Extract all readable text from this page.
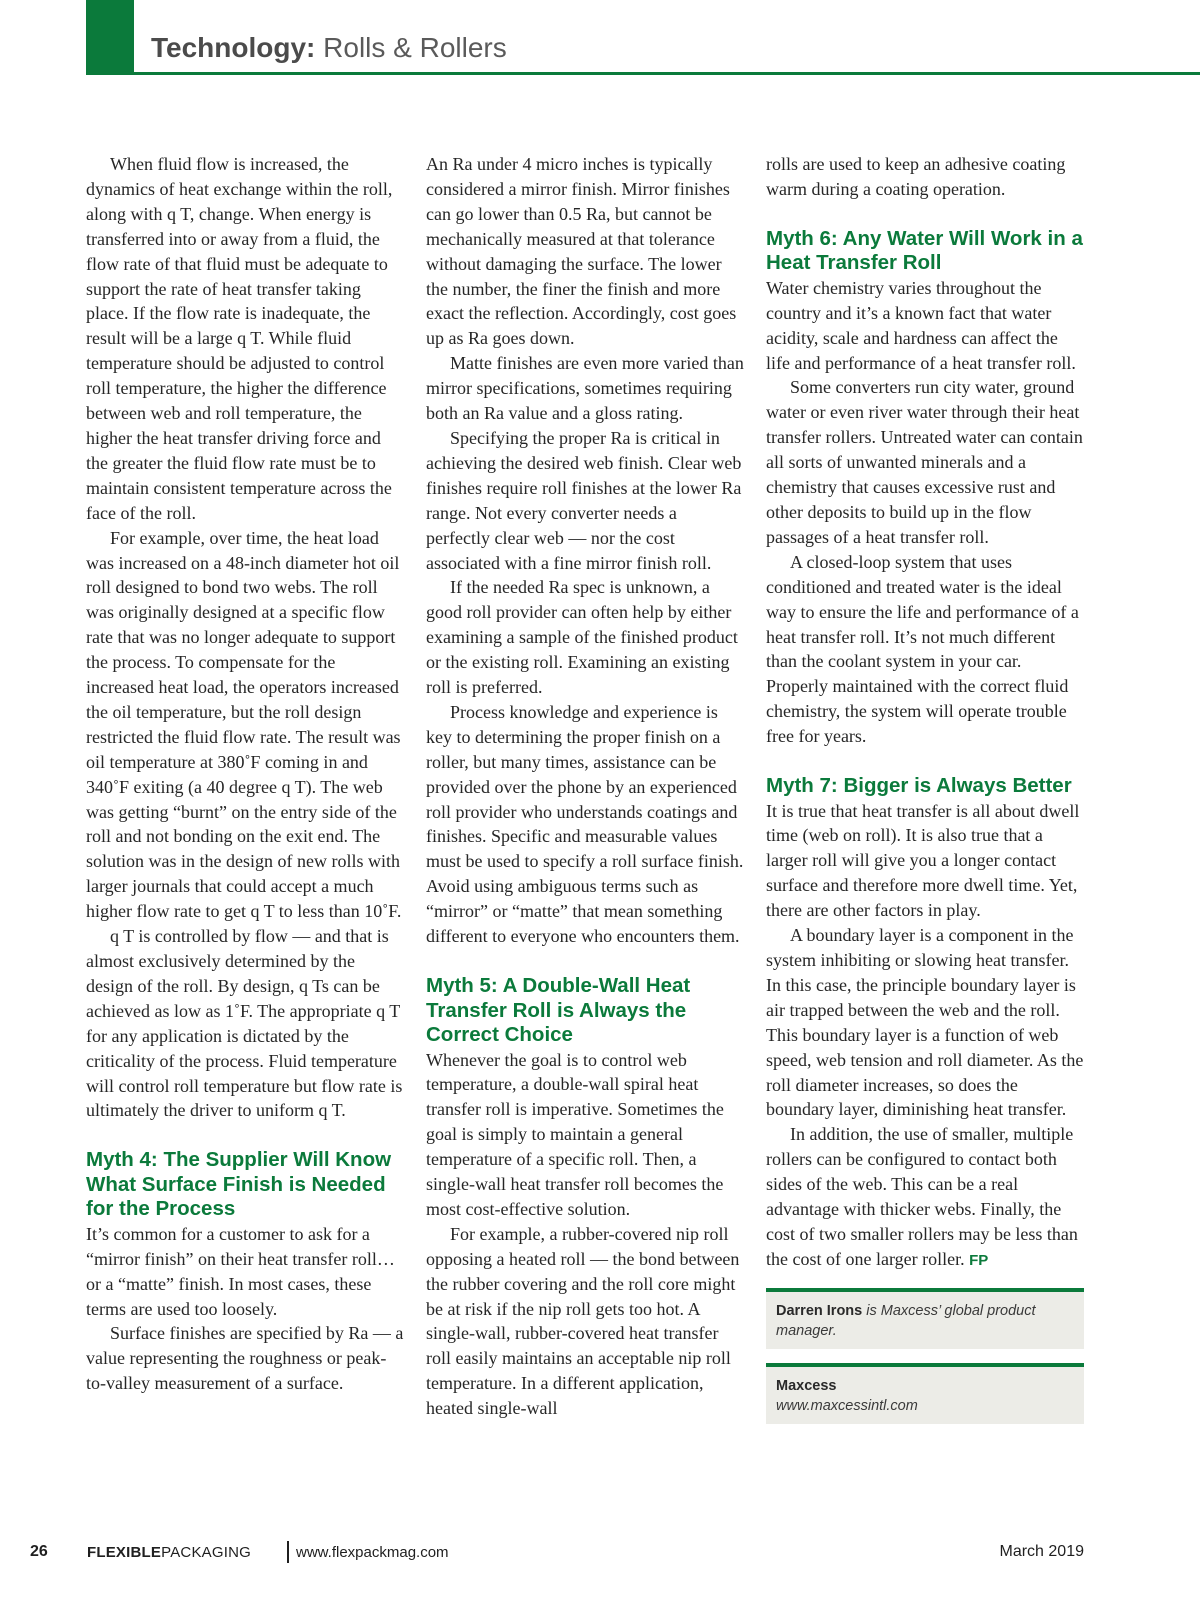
Technology: Rolls & Rollers

When fluid flow is increased, the dynamics of heat exchange within the roll, along with q T, change. When energy is transferred into or away from a fluid, the flow rate of that fluid must be adequate to support the rate of heat transfer taking place. If the flow rate is inadequate, the result will be a large q T. While fluid temperature should be adjusted to control roll temperature, the higher the difference between web and roll temperature, the higher the heat transfer driving force and the greater the fluid flow rate must be to maintain consistent temperature across the face of the roll.

For example, over time, the heat load was increased on a 48-inch diameter hot oil roll designed to bond two webs. The roll was originally designed at a specific flow rate that was no longer adequate to support the process. To compensate for the increased heat load, the operators increased the oil temperature, but the roll design restricted the fluid flow rate. The result was oil temperature at 380˚F coming in and 340˚F exiting (a 40 degree q T). The web was getting “burnt” on the entry side of the roll and not bonding on the exit end. The solution was in the design of new rolls with larger journals that could accept a much higher flow rate to get q T to less than 10˚F.

q T is controlled by flow — and that is almost exclusively determined by the design of the roll. By design, q Ts can be achieved as low as 1˚F. The appropriate q T for any application is dictated by the criticality of the process. Fluid temperature will control roll temperature but flow rate is ultimately the driver to uniform q T.

Myth 4: The Supplier Will Know What Surface Finish is Needed for the Process

It’s common for a customer to ask for a “mirror finish” on their heat transfer roll… or a “matte” finish. In most cases, these terms are used too loosely.

Surface finishes are specified by Ra — a value representing the roughness or peak-to-valley measurement of a surface.

An Ra under 4 micro inches is typically considered a mirror finish. Mirror finishes can go lower than 0.5 Ra, but cannot be mechanically measured at that tolerance without damaging the surface. The lower the number, the finer the finish and more exact the reflection. Accordingly, cost goes up as Ra goes down.

Matte finishes are even more varied than mirror specifications, sometimes requiring both an Ra value and a gloss rating.

Specifying the proper Ra is critical in achieving the desired web finish. Clear web finishes require roll finishes at the lower Ra range. Not every converter needs a perfectly clear web — nor the cost associated with a fine mirror finish roll.

If the needed Ra spec is unknown, a good roll provider can often help by either examining a sample of the finished product or the existing roll. Examining an existing roll is preferred.

Process knowledge and experience is key to determining the proper finish on a roller, but many times, assistance can be provided over the phone by an experienced roll provider who understands coatings and finishes. Specific and measurable values must be used to specify a roll surface finish. Avoid using ambiguous terms such as “mirror” or “matte” that mean something different to everyone who encounters them.

Myth 5: A Double-Wall Heat Transfer Roll is Always the Correct Choice

Whenever the goal is to control web temperature, a double-wall spiral heat transfer roll is imperative. Sometimes the goal is simply to maintain a general temperature of a specific roll. Then, a single-wall heat transfer roll becomes the most cost-effective solution.

For example, a rubber-covered nip roll opposing a heated roll — the bond between the rubber covering and the roll core might be at risk if the nip roll gets too hot. A single-wall, rubber-covered heat transfer roll easily maintains an acceptable nip roll temperature. In a different application, heated single-wall

rolls are used to keep an adhesive coating warm during a coating operation.

Myth 6: Any Water Will Work in a Heat Transfer Roll

Water chemistry varies throughout the country and it’s a known fact that water acidity, scale and hardness can affect the life and performance of a heat transfer roll.

Some converters run city water, ground water or even river water through their heat transfer rollers. Untreated water can contain all sorts of unwanted minerals and a chemistry that causes excessive rust and other deposits to build up in the flow passages of a heat transfer roll.

A closed-loop system that uses conditioned and treated water is the ideal way to ensure the life and performance of a heat transfer roll. It’s not much different than the coolant system in your car. Properly maintained with the correct fluid chemistry, the system will operate trouble free for years.

Myth 7: Bigger is Always Better

It is true that heat transfer is all about dwell time (web on roll). It is also true that a larger roll will give you a longer contact surface and therefore more dwell time. Yet, there are other factors in play.

A boundary layer is a component in the system inhibiting or slowing heat transfer. In this case, the principle boundary layer is air trapped between the web and the roll. This boundary layer is a function of web speed, web tension and roll diameter. As the roll diameter increases, so does the boundary layer, diminishing heat transfer.

In addition, the use of smaller, multiple rollers can be configured to contact both sides of the web. This can be a real advantage with thicker webs. Finally, the cost of two smaller rollers may be less than the cost of one larger roller. FP

Darren Irons is Maxcess’ global product manager.
Maxcess
www.maxcessintl.com
26	FLEXIBLEPACKAGING	www.flexpackmag.com	March 2019
